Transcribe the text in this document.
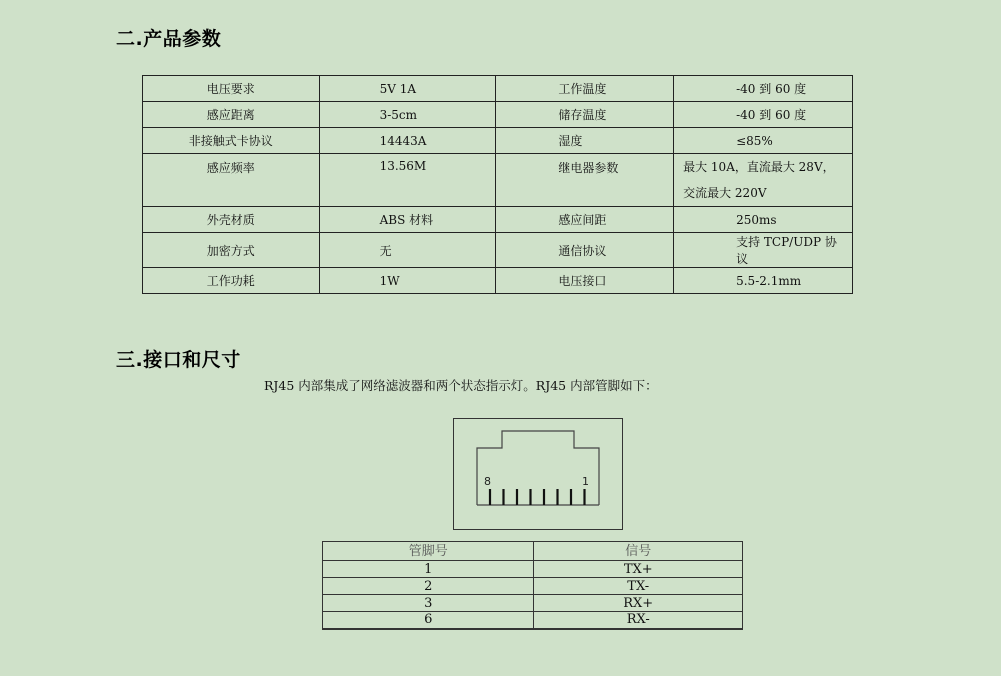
二.产品参数
电压要求	5V 1A	工作温度	-40 到 60 度
感应距离	3-5cm	储存温度	-40 到 60 度
非接触式卡协议	14443A	湿度	≤85%
感应频率	13.56M	继电器参数	最大 10A，直流最大 28V，交流最大 220V
外壳材质	ABS 材料	感应间距	250ms
加密方式	无	通信协议	支持 TCP/UDP 协议
工作功耗	1W	电压接口	5.5-2.1mm
三.接口和尺寸
RJ45 内部集成了网络滤波器和两个状态指示灯。RJ45 内部管脚如下：
8	1
管脚号	信号
1	TX+
2	TX-
3	RX+
6	RX-
